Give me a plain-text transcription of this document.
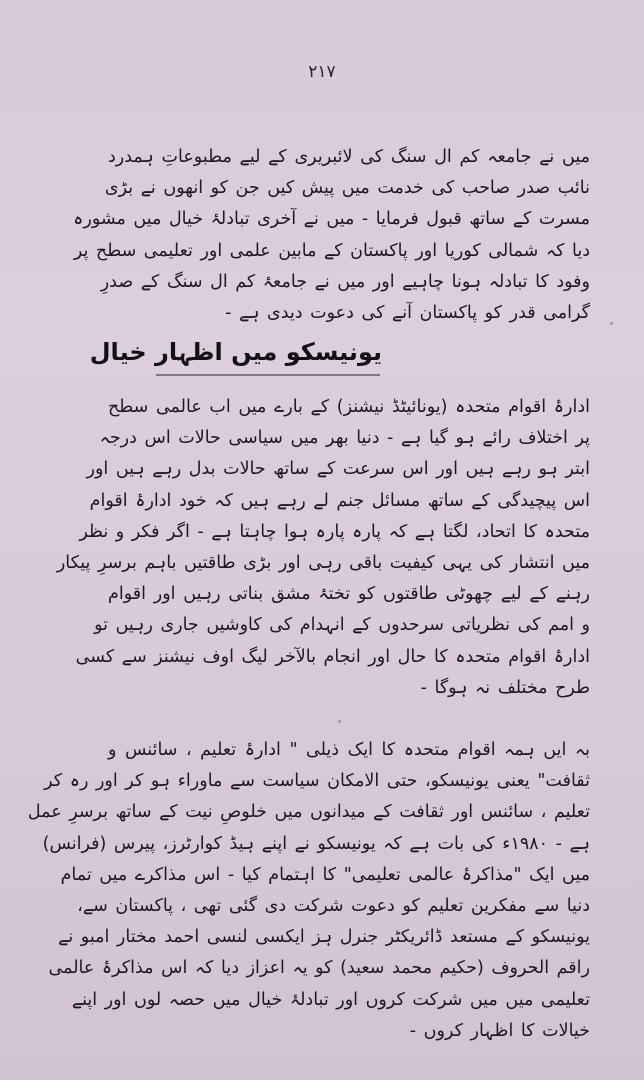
۲۱۷
میں نے جامعہ کم ال سنگ کی لائبریری کے لیے مطبوعاتِ ہمدرد
نائب صدر صاحب کی خدمت میں پیش کیں جن کو انھوں نے بڑی
مسرت کے ساتھ قبول فرمایا - میں نے آخری تبادلۂ خیال میں مشورہ
دیا کہ شمالی کوریا اور پاکستان کے مابین علمی اور تعلیمی سطح پر
وفود کا تبادلہ ہونا چاہیے اور میں نے جامعۂ کم ال سنگ کے صدرِ
گرامی قدر کو پاکستان آنے کی دعوت دیدی ہے -
یونیسکو میں اظہار خیال
ادارۂ اقوام متحدہ (یونائیٹڈ نیشنز) کے بارے میں اب عالمی سطح
پر اختلاف رائے ہو گیا ہے - دنیا بھر میں سیاسی حالات اس درجہ
ابتر ہو رہے ہیں اور اس سرعت کے ساتھ حالات بدل رہے ہیں اور
اس پیچیدگی کے ساتھ مسائل جنم لے رہے ہیں کہ خود ادارۂ اقوام
متحدہ کا اتحاد، لگتا ہے کہ پارہ پارہ ہوا چاہتا ہے - اگر فکر و نظر
میں انتشار کی یہی کیفیت باقی رہی اور بڑی طاقتیں باہم برسرِ پیکار
رہنے کے لیے چھوٹی طاقتوں کو تختۂ مشق بناتی رہیں اور اقوام
و امم کی نظریاتی سرحدوں کے انہدام کی کاوشیں جاری رہیں تو
ادارۂ اقوام متحدہ کا حال اور انجام بالآخر لیگ اوف نیشنز سے کسی
طرح مختلف نہ ہوگا -
بہ ایں ہمہ اقوام متحدہ کا ایک ذیلی " ادارۂ تعلیم ، سائنس و
ثقافت" یعنی یونیسکو، حتی الامکان سیاست سے ماوراء ہو کر اور رہ کر
تعلیم ، سائنس اور ثقافت کے میدانوں میں خلوصِ نیت کے ساتھ برسرِ عمل
ہے - ۱۹۸۰ء کی بات ہے کہ یونیسکو نے اپنے ہیڈ کوارٹرز، پیرس (فرانس)
میں ایک "مذاکرۂ عالمی تعلیمی" کا اہتمام کیا - اس مذاکرے میں تمام
دنیا سے مفکرین تعلیم کو دعوت شرکت دی گئی تھی ، پاکستان سے،
یونیسکو کے مستعد ڈائریکٹر جنرل ہز ایکسی لنسی احمد مختار امبو نے
راقم الحروف (حکیم محمد سعید) کو یہ اعزاز دیا کہ اس مذاکرۂ عالمی
تعلیمی میں میں شرکت کروں اور تبادلۂ خیال میں حصہ لوں اور اپنے
خیالات کا اظہار کروں -
